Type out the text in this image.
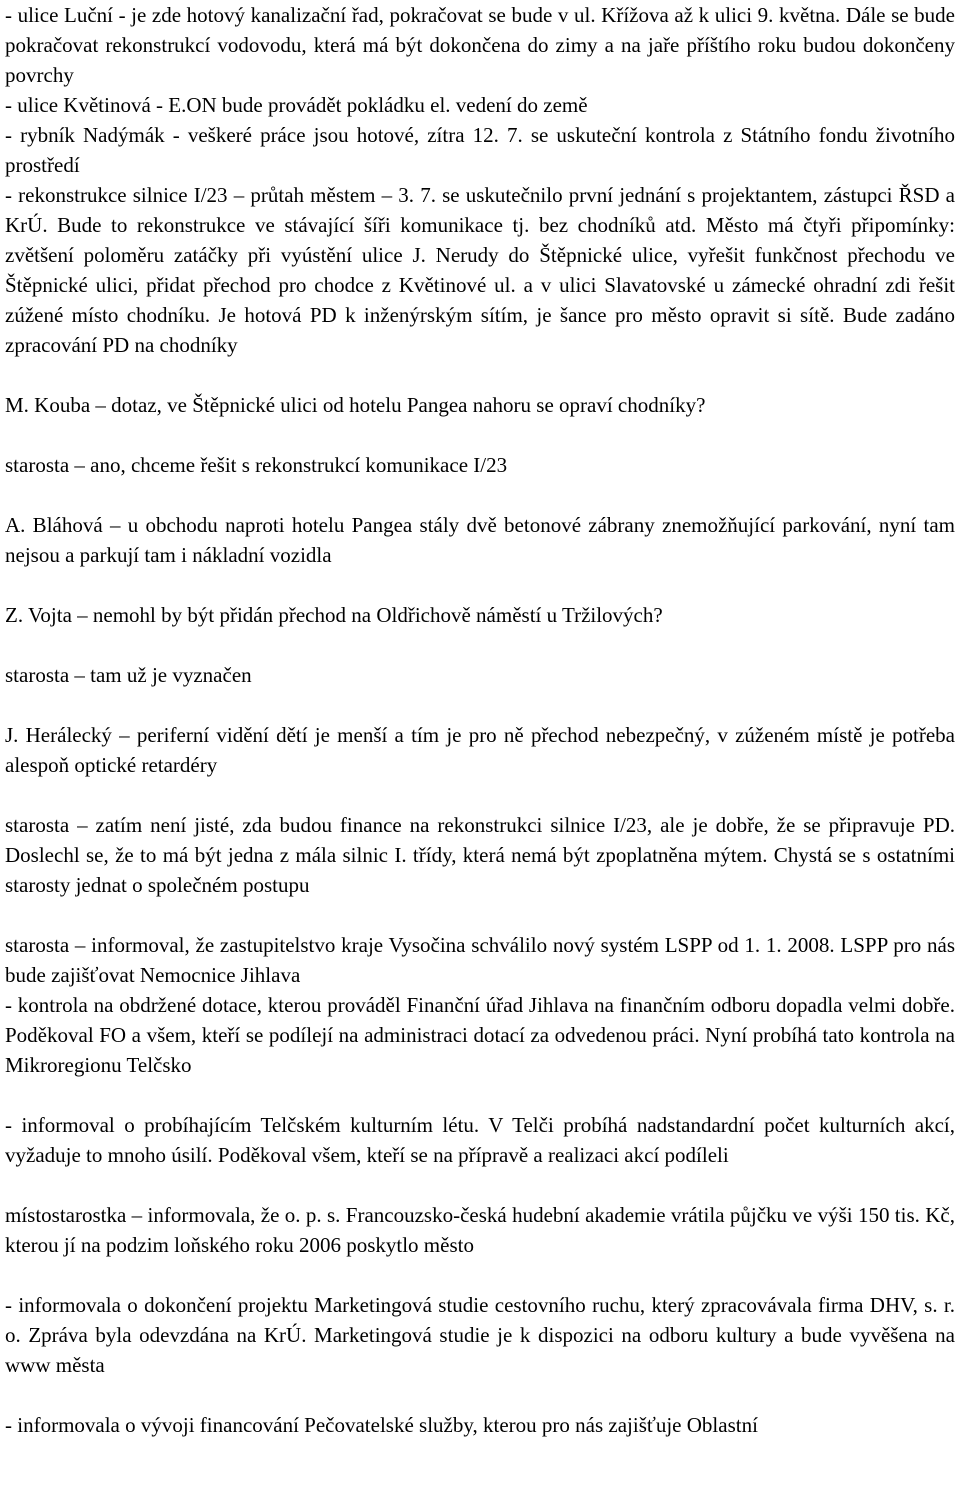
- ulice Luční - je zde hotový kanalizační řad, pokračovat se bude v ul. Křížova až k ulici 9. května. Dále se bude pokračovat rekonstrukcí vodovodu, která má být dokončena do zimy a na jaře příštího roku budou dokončeny povrchy

- ulice Květinová - E.ON bude provádět pokládku el. vedení do země

- rybník Nadýmák - veškeré práce jsou hotové, zítra 12. 7. se uskuteční kontrola z Státního fondu životního prostředí

- rekonstrukce silnice I/23 – průtah městem – 3. 7. se uskutečnilo první jednání s projektantem, zástupci ŘSD a KrÚ. Bude to rekonstrukce ve stávající šíři komunikace tj. bez chodníků atd. Město má čtyři připomínky: zvětšení poloměru zatáčky při vyústění ulice J. Nerudy do Štěpnické ulice, vyřešit funkčnost přechodu ve Štěpnické ulici, přidat přechod pro chodce z Květinové ul. a v ulici Slavatovské u zámecké ohradní zdi řešit zúžené místo chodníku. Je hotová PD k inženýrským sítím, je šance pro město opravit si sítě. Bude zadáno zpracování PD na chodníky

M. Kouba – dotaz, ve Štěpnické ulici od hotelu Pangea nahoru se opraví chodníky?

starosta – ano, chceme řešit s rekonstrukcí komunikace I/23

A. Bláhová – u obchodu naproti hotelu Pangea stály dvě betonové zábrany znemožňující parkování, nyní tam nejsou a parkují tam i nákladní vozidla

Z. Vojta – nemohl by být přidán přechod na Oldřichově náměstí u Tržilových?

starosta – tam už je vyznačen

J. Herálecký – periferní vidění dětí je menší a tím je pro ně přechod nebezpečný, v zúženém místě je potřeba alespoň optické retardéry

starosta – zatím není jisté, zda budou finance na rekonstrukci silnice I/23, ale je dobře, že se připravuje PD. Doslechl se, že to má být jedna z mála silnic I. třídy, která nemá být zpoplatněna mýtem. Chystá se s ostatními starosty jednat o společném postupu

starosta – informoval, že zastupitelstvo kraje Vysočina schválilo nový systém LSPP od 1. 1. 2008. LSPP pro nás bude zajišťovat Nemocnice Jihlava

- kontrola na obdržené dotace, kterou prováděl Finanční úřad Jihlava na finančním odboru dopadla velmi dobře. Poděkoval FO a všem, kteří se podílejí na administraci dotací za odvedenou práci. Nyní probíhá tato kontrola na Mikroregionu Telčsko

- informoval o probíhajícím Telčském kulturním létu. V Telči probíhá nadstandardní počet kulturních akcí, vyžaduje to mnoho úsilí. Poděkoval všem, kteří se na přípravě a realizaci akcí podíleli

místostarostka – informovala, že o. p. s. Francouzsko-česká hudební akademie vrátila půjčku ve výši 150 tis. Kč, kterou jí na podzim loňského roku 2006 poskytlo město

- informovala o dokončení projektu Marketingová studie cestovního ruchu, který zpracovávala firma DHV, s. r. o. Zpráva byla odevzdána na KrÚ. Marketingová studie je k dispozici na odboru kultury a bude vyvěšena na www města

- informovala o vývoji financování Pečovatelské služby, kterou pro nás zajišťuje Oblastní
